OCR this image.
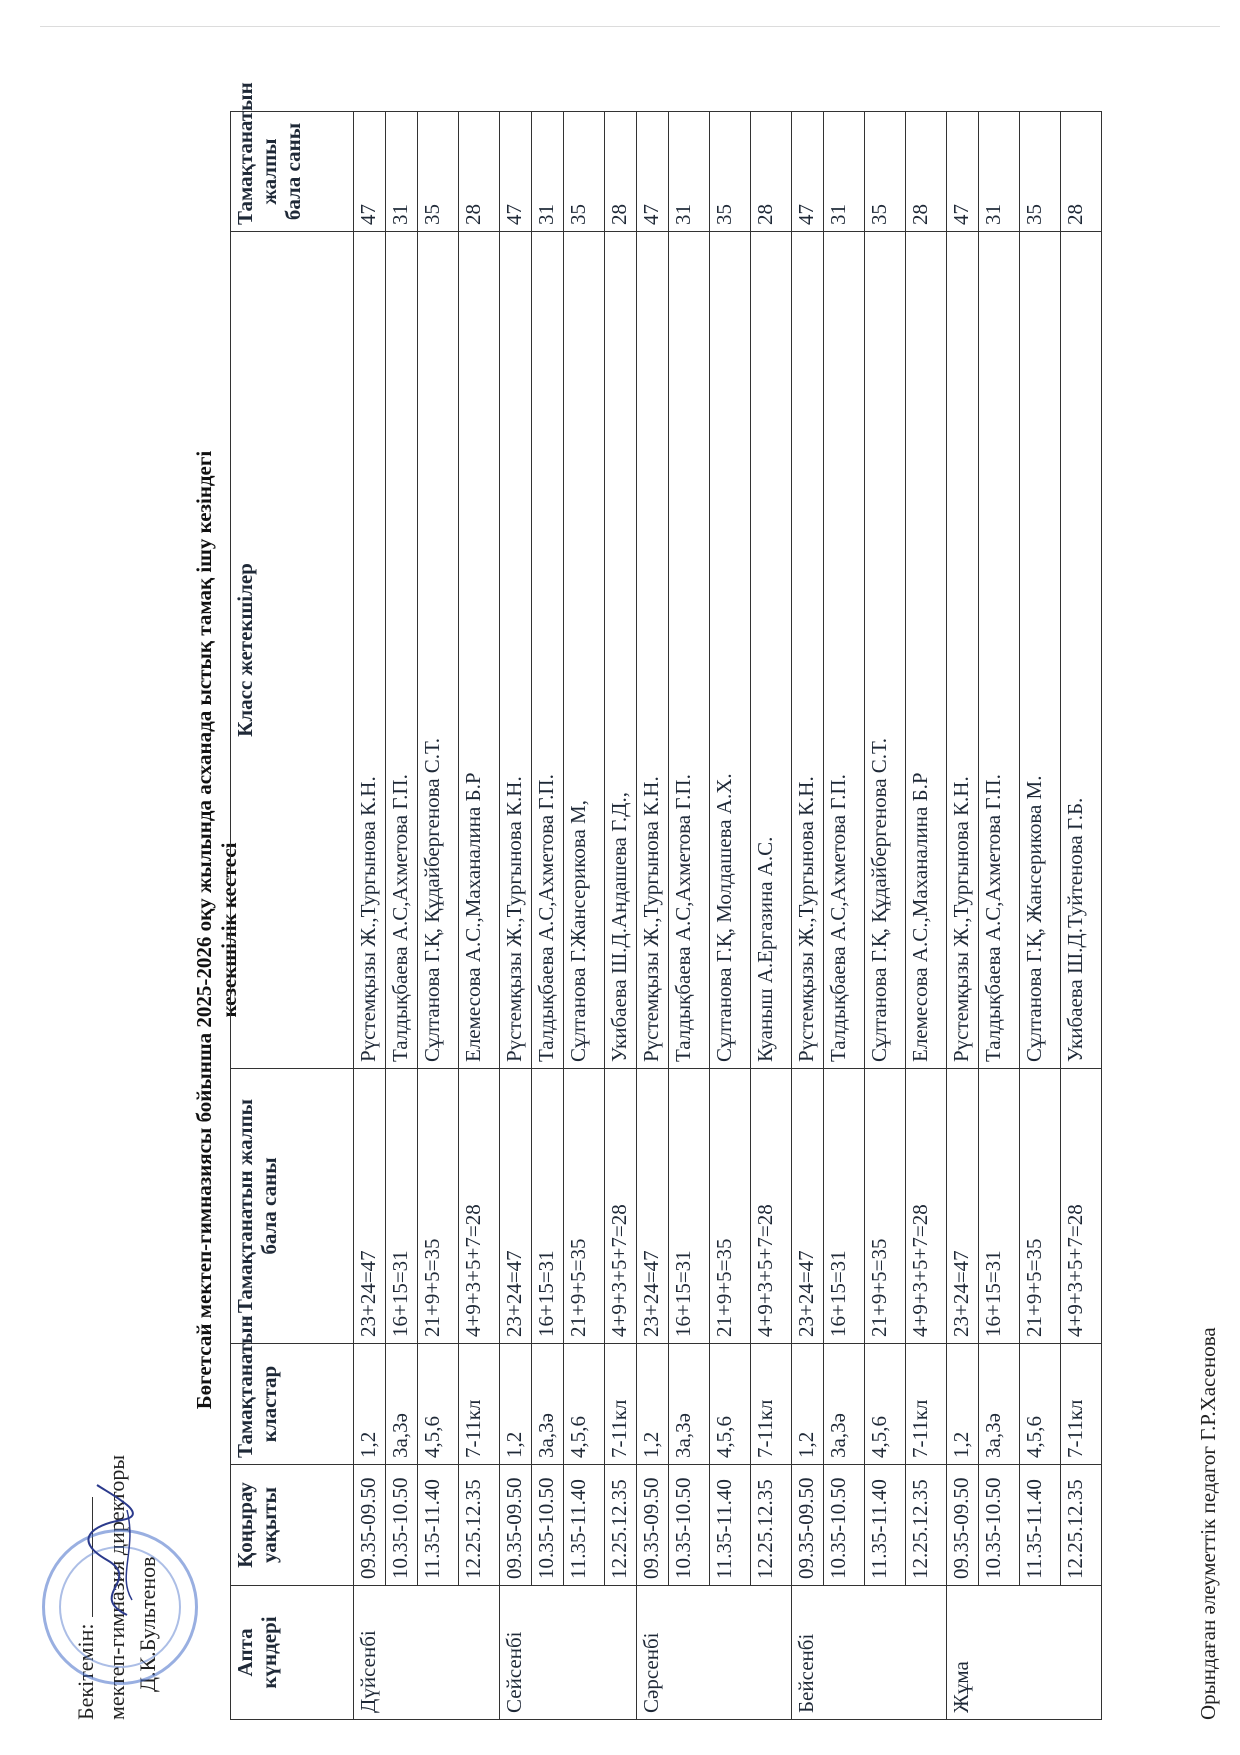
Бекітемін: мектеп-гимназия директоры Д.К.Бультенов
Бөгетсай мектеп-гимназиясы бойынша 2025-2026 оқу жылында асханада ыстық тамақ ішу кезіндегі кезекшілік кестесі
Апта күндері	Қоңырау уақыты	Тамақтанатын кластар	Тамақтанатын жалпы бала саны	Класс жетекшілер	Тамақтанатын жалпы бала саны
Дүйсенбі	09.35-09.50	1,2	23+24=47	Рүстемқызы Ж.,Тургынова К.Н.	47
	10.35-10.50	3а,3ә	16+15=31	Талдықбаева А.С,Ахметова Г.П.	31
	11.35-11.40	4,5,6	21+9+5=35	Сұлтанова Г.Қ, Құдайбергенова С.Т.	35
	12.25.12.35	7-11кл	4+9+3+5+7=28	Елемесова А.С.,Маханалина Б.Р	28
Сейсенбі	09.35-09.50	1,2	23+24=47	Рүстемқызы Ж.,Тургынова К.Н.	47
	10.35-10.50	3а,3ә	16+15=31	Талдықбаева А.С,Ахметова Г.П.	31
	11.35-11.40	4,5,6	21+9+5=35	Сұлтанова Г.Жансерикова М,	35
	12.25.12.35	7-11кл	4+9+3+5+7=28	Укибаева Ш.Д.Андашева Г.Д.,	28
Сәрсенбі	09.35-09.50	1,2	23+24=47	Рүстемқызы Ж.,Тургынова К.Н.	47
	10.35-10.50	3а,3ә	16+15=31	Талдықбаева А.С,Ахметова Г.П.	31
	11.35-11.40	4,5,6	21+9+5=35	Сұлтанова Г.Қ, Молдашева А.Х.	35
	12.25.12.35	7-11кл	4+9+3+5+7=28	Куаныш А.Ергазина А.С.	28
Бейсенбі	09.35-09.50	1,2	23+24=47	Рүстемқызы Ж.,Тургынова К.Н.	47
	10.35-10.50	3а,3ә	16+15=31	Талдықбаева А.С,Ахметова Г.П.	31
	11.35-11.40	4,5,6	21+9+5=35	Сұлтанова Г.Қ, Құдайбергенова С.Т.	35
	12.25.12.35	7-11кл	4+9+3+5+7=28	Елемесова А.С.,Маханалина Б.Р	28
Жұма	09.35-09.50	1,2	23+24=47	Рүстемқызы Ж.,Тургынова К.Н.	47
	10.35-10.50	3а,3ә	16+15=31	Талдықбаева А.С,Ахметова Г.П.	31
	11.35-11.40	4,5,6	21+9+5=35	Сұлтанова Г.Қ, Жансерикова М.	35
	12.25.12.35	7-11кл	4+9+3+5+7=28	Укибаева Ш.Д.Туйтенова Г.Б.	28
Орындаған әлеуметтік педагог Г.Р.Хасенова
